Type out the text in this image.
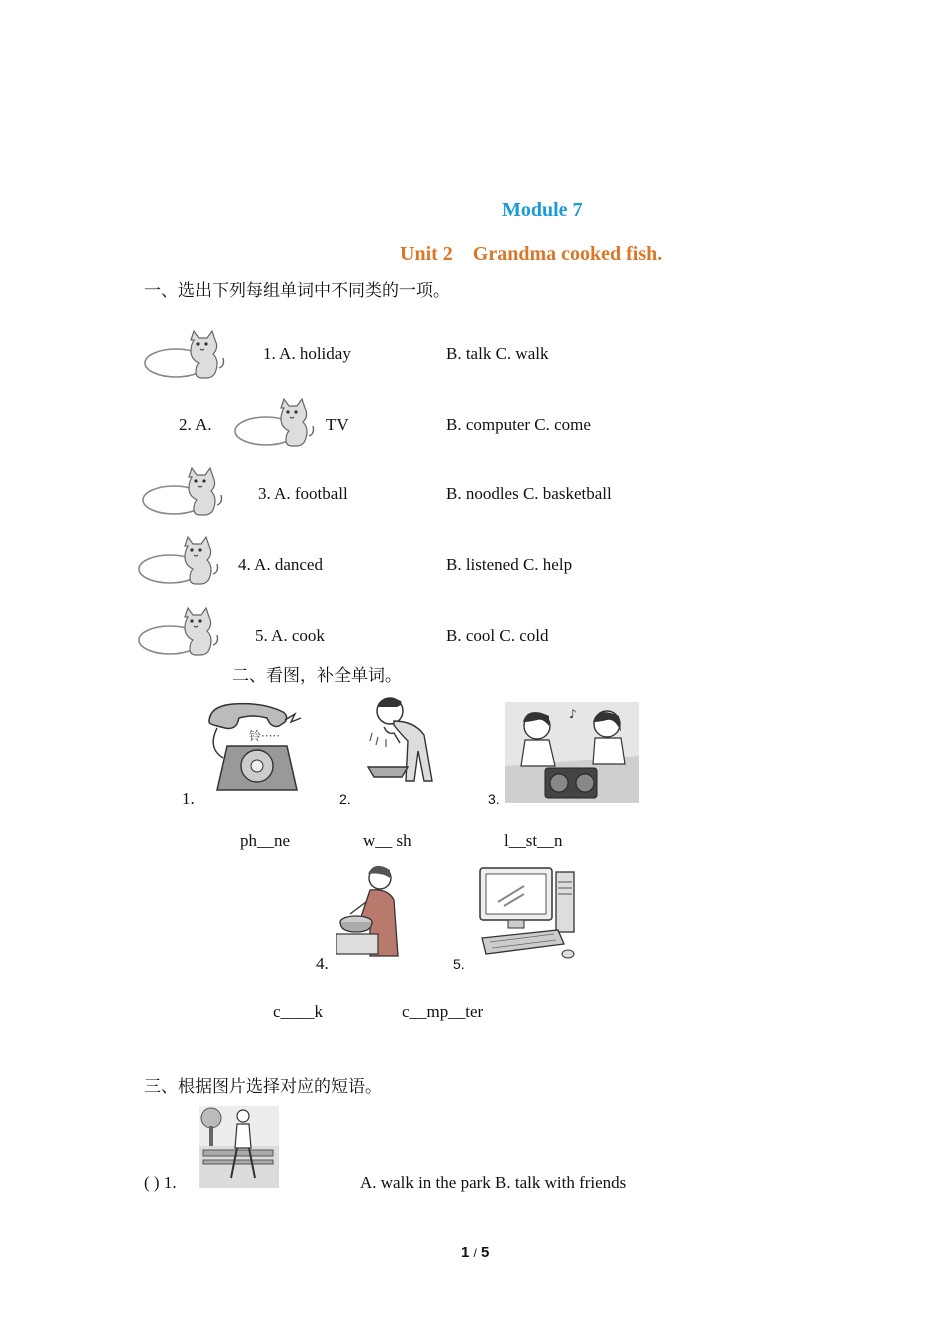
Module 7
Unit 2　Grandma cooked fish.
一、选出下列每组单词中不同类的一项。
1. A. holiday	B. talk C. walk
2. A.	TV	B. computer C. come
3. A. football	B. noodles C. basketball
4. A. danced	B. listened C. help
5. A. cook	B. cool C. cold
二、看图，补全单词。
1.
铃·····
2.	3.
♪
ph__ne	w__ sh	l__st__n
4.	5.
c____k	c__mp__ter
三、根据图片选择对应的短语。
( ) 1.	A. walk in the park B. talk with friends
1 / 5
